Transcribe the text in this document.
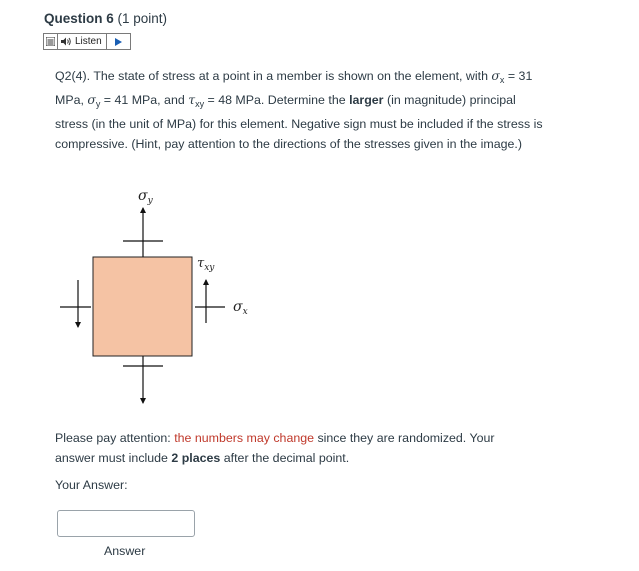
Question 6 (1 point)
Listen
Q2(4). The state of stress at a point in a member is shown on the element, with $\sigma_x = 31$ MPa, $\sigma_y = 41$ MPa, and $\tau_{xy} = 48$ MPa. Determine the larger (in magnitude) principal stress (in the unit of MPa) for this element. Negative sign must be included if the stress is compressive. (Hint, pay attention to the directions of the stresses given in the image.)
$\sigma_y$
$\tau_{xy}$
$\sigma_x$
Please pay attention: the numbers may change since they are randomized. Your answer must include 2 places after the decimal point.
Your Answer:
Answer
